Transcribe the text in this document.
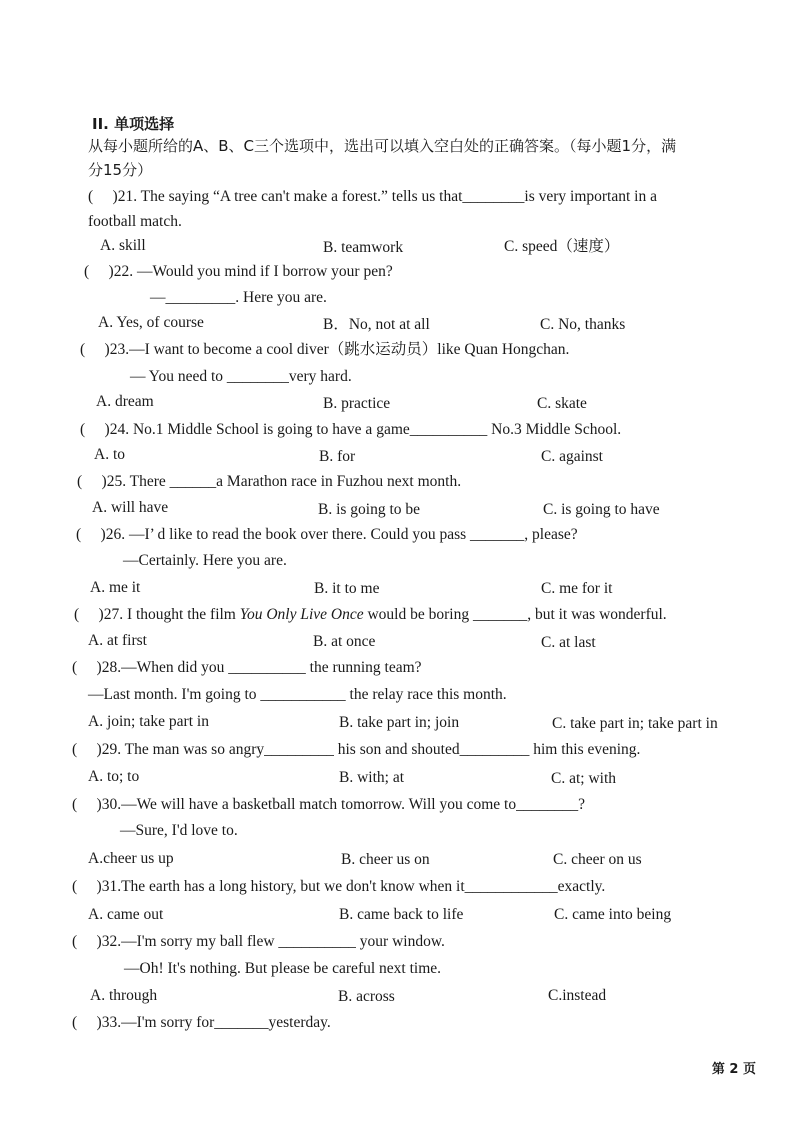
II. 单项选择
从每小题所给的A、B、C三个选项中，选出可以填入空白处的正确答案。（每小题1分，满
分15分）
(　 )21. The saying “A tree can't make a forest.” tells us that________is very important in a
football match.
A. skill	B. teamwork	C. speed（速度）
(　 )22. —Would you mind if I borrow your pen?
—_________. Here you are.
A. Yes, of course	B．No, not at all	C. No, thanks
(　 )23.—I want to become a cool diver（跳水运动员）like Quan Hongchan.
— You need to ________very hard.
A. dream	B. practice	C. skate
(　 )24. No.1 Middle School is going to have a game__________ No.3 Middle School.
A. to	B. for	C. against
(　 )25. There ______a Marathon race in Fuzhou next month.
A. will have	B. is going to be	C. is going to have
(　 )26. —I’ d like to read the book over there. Could you pass _______, please?
—Certainly. Here you are.
A. me it	B. it to me	C. me for it
(　 )27. I thought the film You Only Live Once would be boring _______, but it was wonderful.
A. at first	B. at once	C. at last
(　 )28.—When did you __________ the running team?
—Last month. I'm going to ___________ the relay race this month.
A. join; take part in	B. take part in; join	C. take part in; take part in
(　 )29. The man was so angry_________ his son and shouted_________ him this evening.
A. to; to	B. with; at	C. at; with
(　 )30.—We will have a basketball match tomorrow. Will you come to________?
—Sure, I'd love to.
A.cheer us up	B. cheer us on	C. cheer on us
(　 )31.The earth has a long history, but we don't know when it____________exactly.
A. came out	B. came back to life	C. came into being
(　 )32.—I'm sorry my ball flew __________ your window.
—Oh! It's nothing. But please be careful next time.
A. through	B. across	C.instead
(　 )33.—I'm sorry for_______yesterday.
第 2 页
